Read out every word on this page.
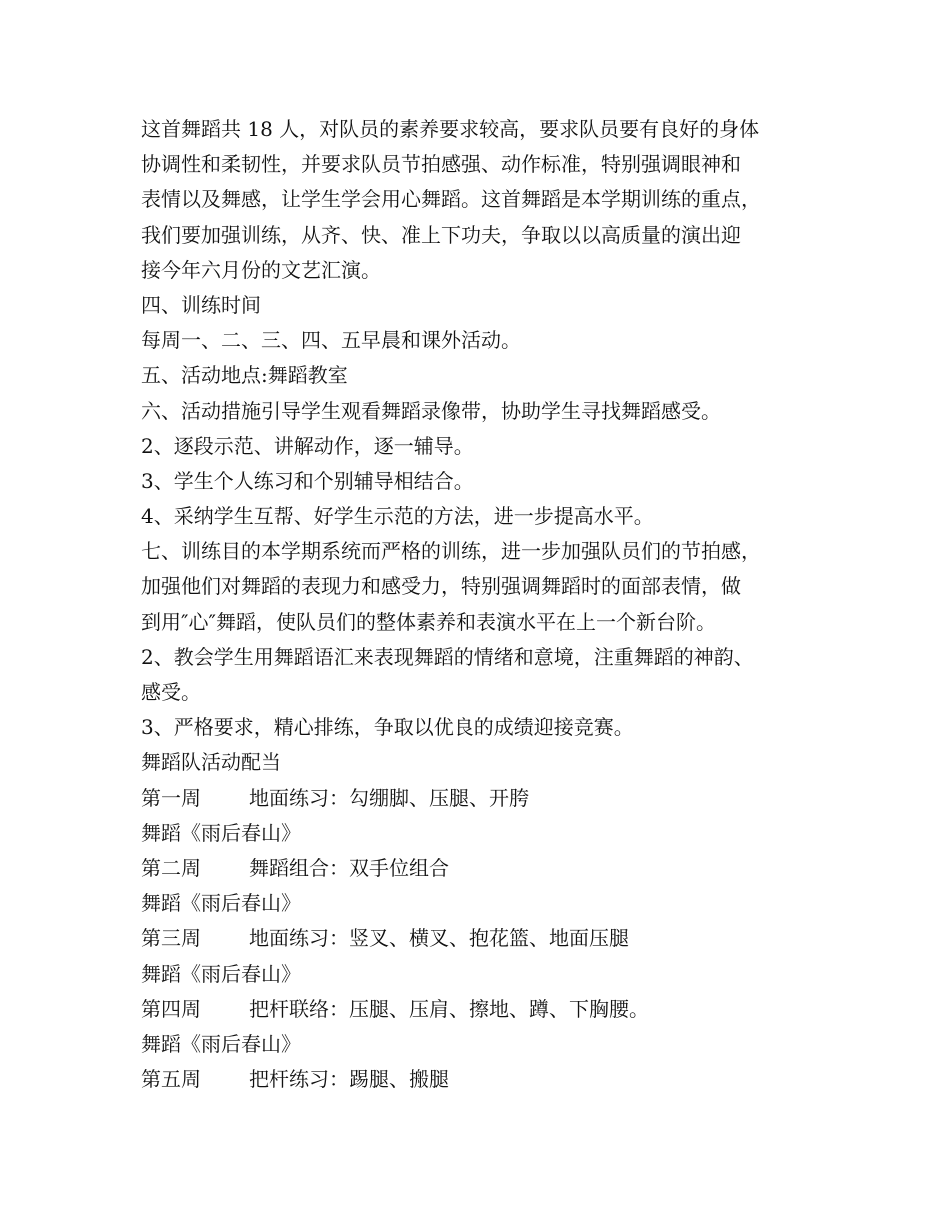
这首舞蹈共 18 人，对队员的素养要求较高，要求队员要有良好的身体
协调性和柔韧性，并要求队员节拍感强、动作标准，特别强调眼神和
表情以及舞感，让学生学会用心舞蹈。这首舞蹈是本学期训练的重点，
我们要加强训练，从齐、快、准上下功夫，争取以以高质量的演出迎
接今年六月份的文艺汇演。
四、训练时间
每周一、二、三、四、五早晨和课外活动。
五、活动地点:舞蹈教室
六、活动措施引导学生观看舞蹈录像带，协助学生寻找舞蹈感受。
2、逐段示范、讲解动作，逐一辅导。
3、学生个人练习和个别辅导相结合。
4、采纳学生互帮、好学生示范的方法，进一步提高水平。
七、训练目的本学期系统而严格的训练，进一步加强队员们的节拍感，
加强他们对舞蹈的表现力和感受力，特别强调舞蹈时的面部表情，做
到用″心″舞蹈，使队员们的整体素养和表演水平在上一个新台阶。
2、教会学生用舞蹈语汇来表现舞蹈的情绪和意境，注重舞蹈的神韵、
感受。
3、严格要求，精心排练，争取以优良的成绩迎接竞赛。
舞蹈队活动配当
第一周 地面练习：勾绷脚、压腿、开胯
舞蹈《雨后春山》
第二周 舞蹈组合：双手位组合
舞蹈《雨后春山》
第三周 地面练习：竖叉、横叉、抱花篮、地面压腿
舞蹈《雨后春山》
第四周 把杆联络：压腿、压肩、擦地、蹲、下胸腰。
舞蹈《雨后春山》
第五周 把杆练习：踢腿、搬腿
